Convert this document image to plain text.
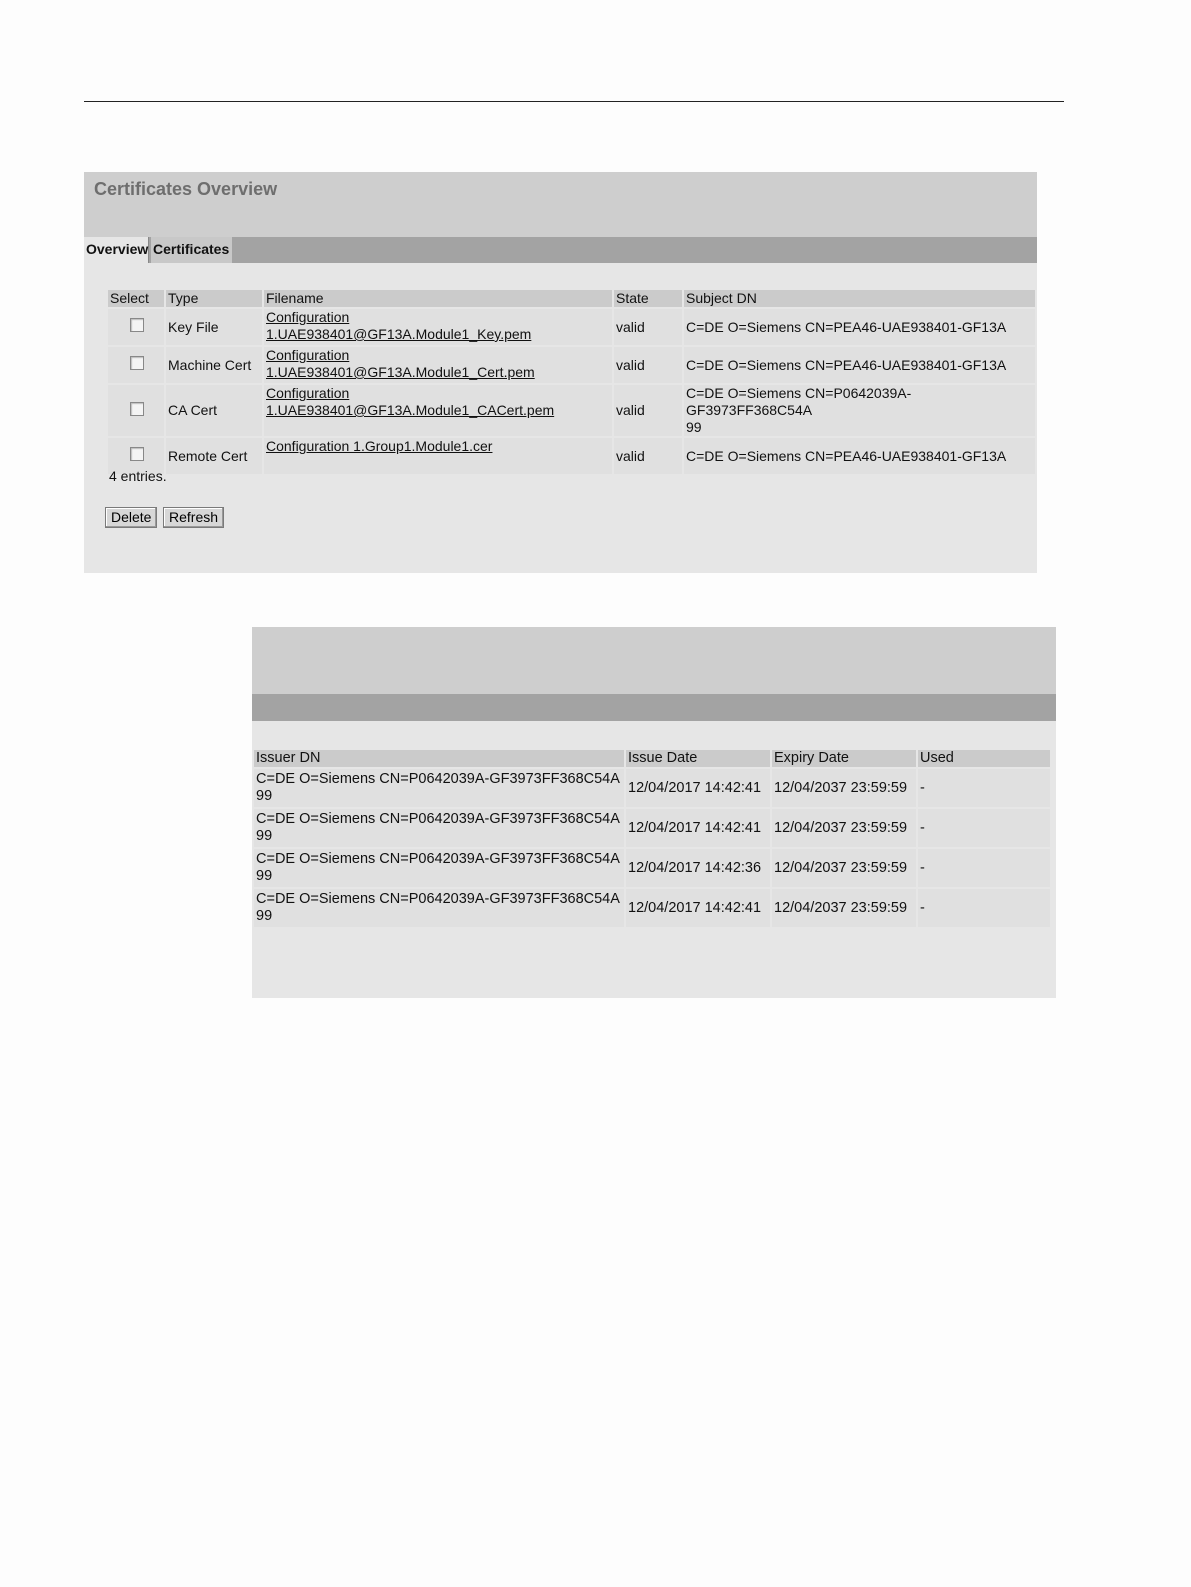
Certificates Overview
Overview Certificates
Select	Type	Filename	State	Subject DN
	Key File	Configuration 1.UAE938401@GF13A.Module1_Key.pem	valid	C=DE O=Siemens CN=PEA46-UAE938401-GF13A

	Machine Cert	Configuration 1.UAE938401@GF13A.Module1_Cert.pem	valid	C=DE O=Siemens CN=PEA46-UAE938401-GF13A

	CA Cert	Configuration
1.UAE938401@GF13A.Module1_CACert.pem	valid	C=DE O=Siemens CN=P0642039A-GF3973FF368C54A
99
	Remote Cert	Configuration 1.Group1.Module1.cer	valid	C=DE O=Siemens CN=PEA46-UAE938401-GF13A

4 entries.
Delete	Refresh
Issuer DN	Issue Date	Expiry Date	Used
C=DE O=Siemens CN=P0642039A-GF3973FF368C54A
99	12/04/2017 14:42:41	12/04/2037 23:59:59	-
C=DE O=Siemens CN=P0642039A-GF3973FF368C54A
99	12/04/2017 14:42:41	12/04/2037 23:59:59	-
C=DE O=Siemens CN=P0642039A-GF3973FF368C54A
99	12/04/2017 14:42:36	12/04/2037 23:59:59	-
C=DE O=Siemens CN=P0642039A-GF3973FF368C54A
99	12/04/2017 14:42:41	12/04/2037 23:59:59	-
